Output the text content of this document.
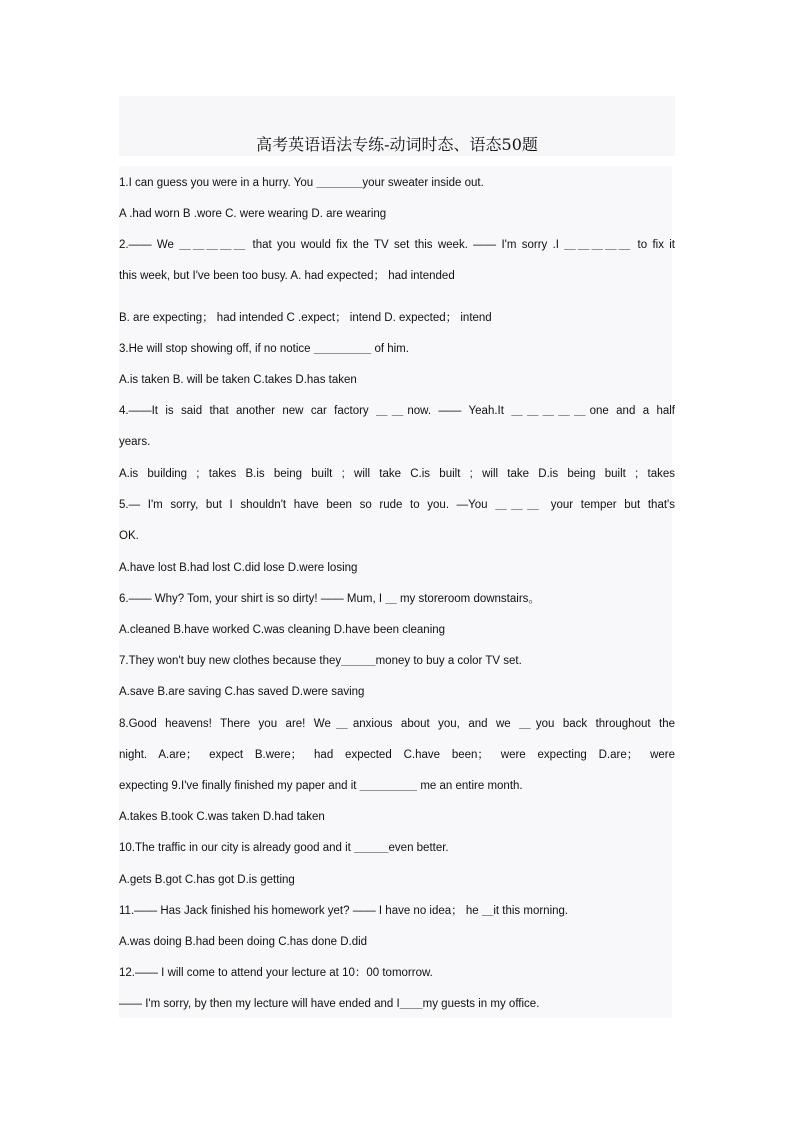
高考英语语法专练-动词时态、语态50题
1.I can guess you were in a hurry. You ＿＿＿＿your sweater inside out.
A .had worn B .wore C. were wearing D. are wearing
2.—— We ＿＿＿＿＿ that you would fix the TV set this week. —— I'm sorry .I ＿＿＿＿＿ to fix it
this week, but I've been too busy. A. had expected； had intended
B. are expecting； had intended C .expect； intend D. expected； intend
3.He will stop showing off, if no notice ＿＿＿＿＿ of him.
A.is taken B. will be taken C.takes D.has taken
4.——It is said that another new car factory ＿＿now. —— Yeah.It ＿＿＿＿＿one and a half
years.
A.is building ; takes B.is being built ; will take C.is built ; will take D.is being built ; takes
5.— I'm sorry, but I shouldn't have been so rude to you. —You ＿＿＿ your temper but that's
OK.
A.have lost B.had lost C.did lose D.were losing
6.—— Why? Tom, your shirt is so dirty! —— Mum, I ＿ my storeroom downstairs。
A.cleaned B.have worked C.was cleaning D.have been cleaning
7.They won't buy new clothes because they＿＿＿money to buy a color TV set.
A.save B.are saving C.has saved D.were saving
8.Good heavens! There you are! We＿anxious about you, and we ＿you back throughout the
night. A.are； expect B.were； had expected C.have been； were expecting D.are； were
expecting 9.I've finally finished my paper and it ＿＿＿＿＿ me an entire month.
A.takes B.took C.was taken D.had taken
10.The traffic in our city is already good and it ＿＿＿even better.
A.gets B.got C.has got D.is getting
11.—— Has Jack finished his homework yet? —— I have no idea； he ＿it this morning.
A.was doing B.had been doing C.has done D.did
12.—— I will come to attend your lecture at 10：00 tomorrow.
—— I'm sorry, by then my lecture will have ended and I＿＿my guests in my office.
